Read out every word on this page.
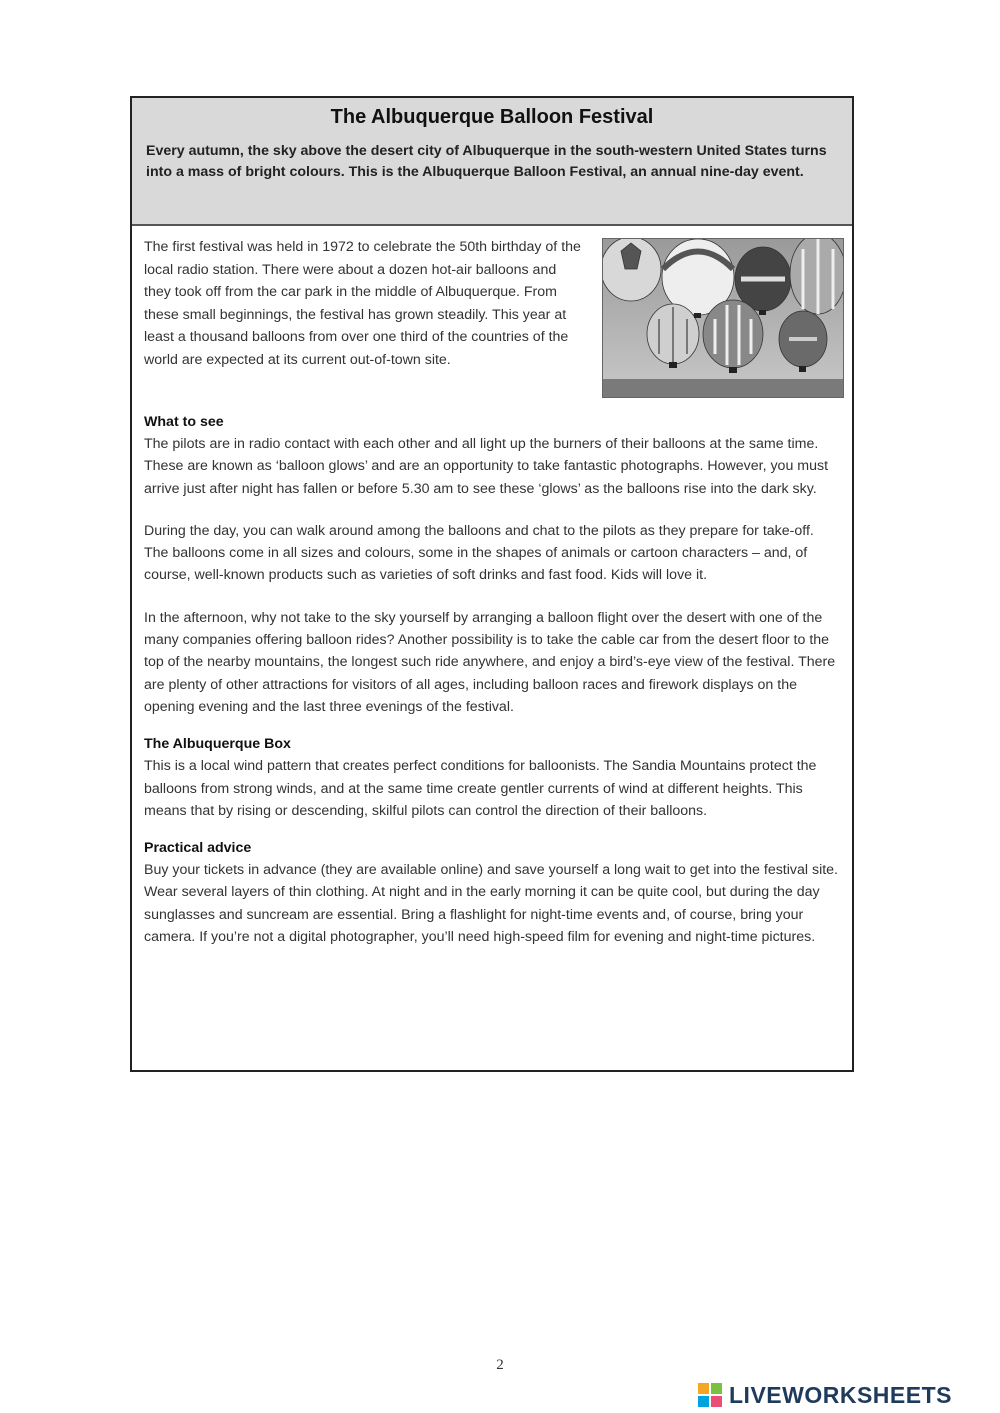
The Albuquerque Balloon Festival

Every autumn, the sky above the desert city of Albuquerque in the south-western United States turns into a mass of bright colours. This is the Albuquerque Balloon Festival, an annual nine-day event.

The first festival was held in 1972 to celebrate the 50th birthday of the local radio station. There were about a dozen hot-air balloons and they took off from the car park in the middle of Albuquerque. From these small beginnings, the festival has grown steadily. This year at least a thousand balloons from over one third of the countries of the world are expected at its current out-of-town site.

What to see

The pilots are in radio contact with each other and all light up the burners of their balloons at the same time. These are known as ‘balloon glows’ and are an opportunity to take fantastic photographs. However, you must arrive just after night has fallen or before 5.30 am to see these ‘glows’ as the balloons rise into the dark sky.

During the day, you can walk around among the balloons and chat to the pilots as they prepare for take-off. The balloons come in all sizes and colours, some in the shapes of animals or cartoon characters – and, of course, well-known products such as varieties of soft drinks and fast food. Kids will love it.

In the afternoon, why not take to the sky yourself by arranging a balloon flight over the desert with one of the many companies offering balloon rides? Another possibility is to take the cable car from the desert floor to the top of the nearby mountains, the longest such ride anywhere, and enjoy a bird’s-eye view of the festival. There are plenty of other attractions for visitors of all ages, including balloon races and firework displays on the opening evening and the last three evenings of the festival.

The Albuquerque Box

This is a local wind pattern that creates perfect conditions for balloonists. The Sandia Mountains protect the balloons from strong winds, and at the same time create gentler currents of wind at different heights. This means that by rising or descending, skilful pilots can control the direction of their balloons.

Practical advice

Buy your tickets in advance (they are available online) and save yourself a long wait to get into the festival site. Wear several layers of thin clothing. At night and in the early morning it can be quite cool, but during the day sunglasses and suncream are essential. Bring a flashlight for night-time events and, of course, bring your camera. If you’re not a digital photographer, you’ll need high-speed film for evening and night-time pictures.

2
LIVEWORKSHEETS
